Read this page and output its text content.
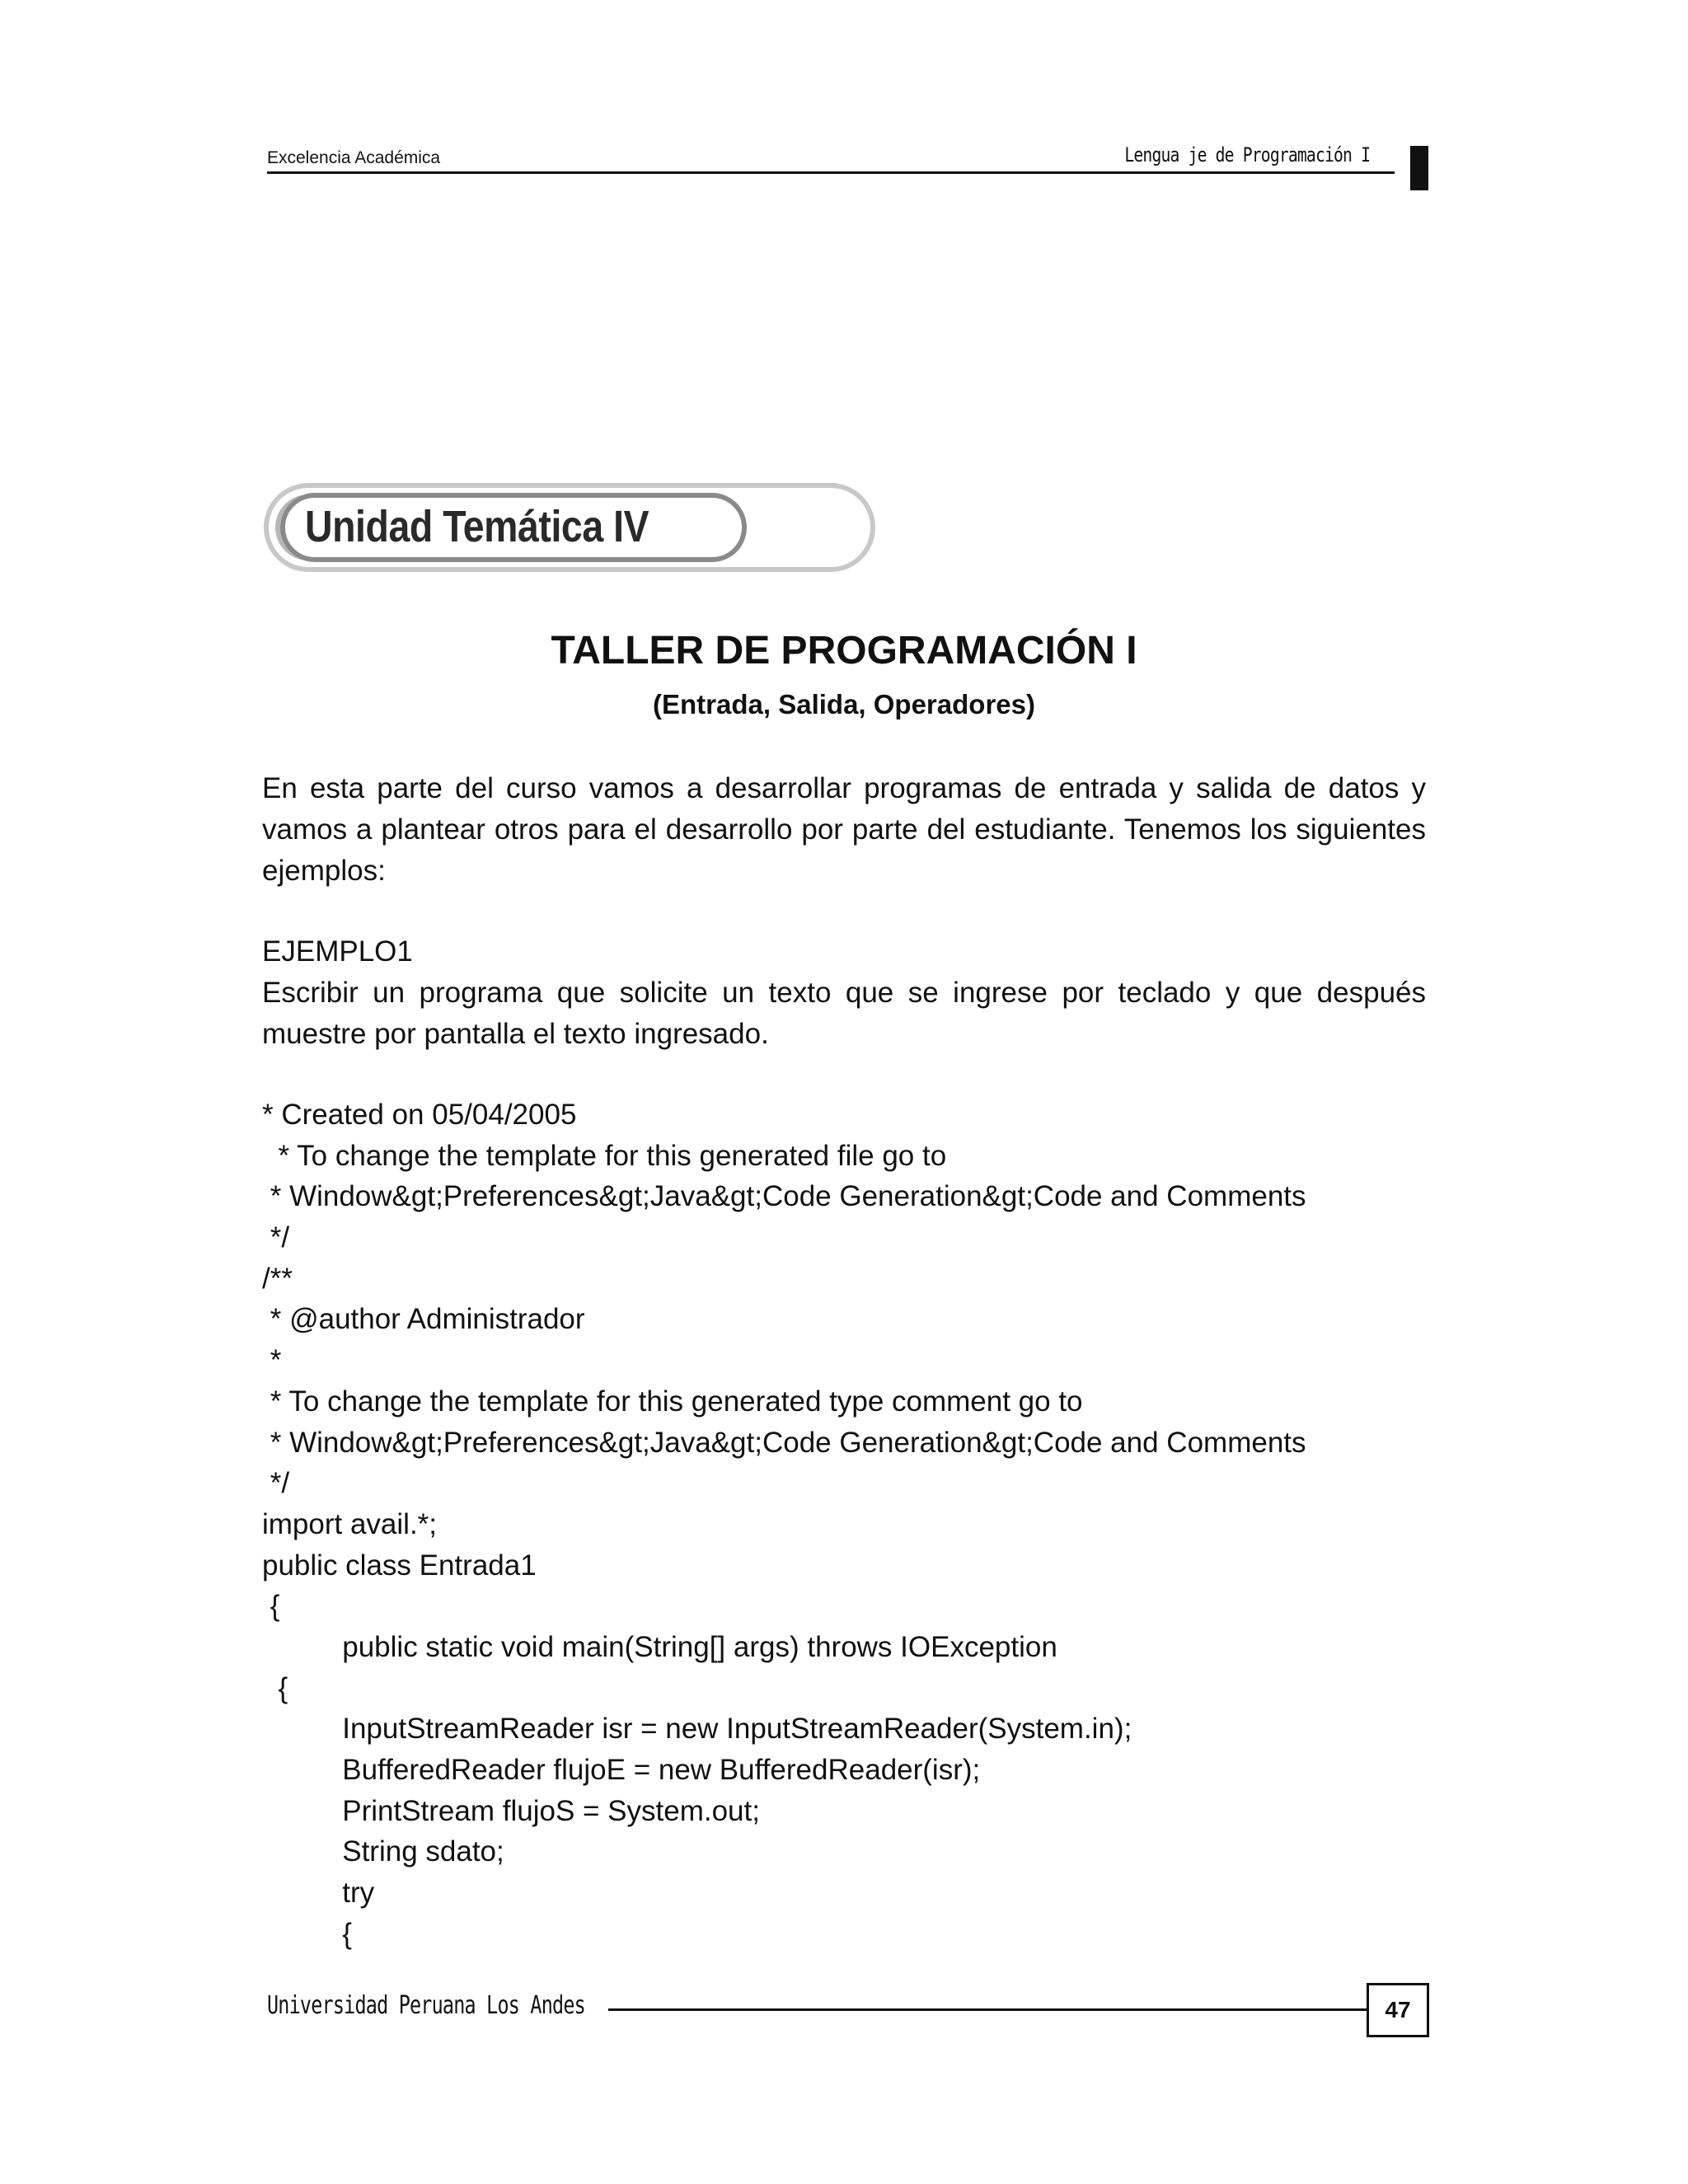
Excelencia Académica	Lengua je de Programación I
Unidad Temática IV
TALLER DE PROGRAMACIÓN I
(Entrada, Salida, Operadores)
En esta parte del curso vamos a desarrollar programas de entrada y salida de datos y vamos a plantear otros para el desarrollo por parte del estudiante. Tenemos los siguientes ejemplos:
EJEMPLO1
Escribir un programa que solicite un texto que se ingrese por teclado y que después muestre por pantalla el texto ingresado.
* Created on 05/04/2005
* To change the template for this generated file go to
* Window&gt;Preferences&gt;Java&gt;Code Generation&gt;Code and Comments
*/
/**
* @author Administrador
*
* To change the template for this generated type comment go to
* Window&gt;Preferences&gt;Java&gt;Code Generation&gt;Code and Comments
*/
import avail.*;
public class Entrada1
{
public static void main(String[] args) throws IOException
{
InputStreamReader isr = new InputStreamReader(System.in);
BufferedReader flujoE = new BufferedReader(isr);
PrintStream flujoS = System.out;
String sdato;
try
{
Universidad Peruana Los Andes	47
